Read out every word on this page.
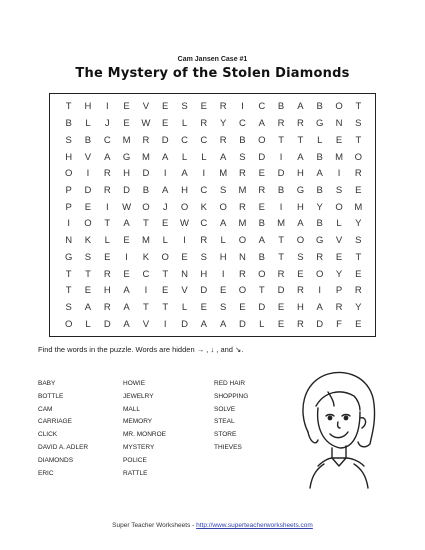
Cam Jansen Case #1
The Mystery of the Stolen Diamonds
T	H	I	E	V	E	S	E	R	I	C	B	A	B	O	T
B	L	J	E	W	E	L	R	Y	C	A	R	R	G	N	S
S	B	C	M	R	D	C	C	R	B	O	T	T	L	E	T
H	V	A	G	M	A	L	L	A	S	D	I	A	B	M	O
O	I	R	H	D	I	A	I	M	R	E	D	H	A	I	R
P	D	R	D	B	A	H	C	S	M	R	B	G	B	S	E
P	E	I	W	O	J	O	K	O	R	E	I	H	Y	O	M
I	O	T	A	T	E	W	C	A	M	B	M	A	B	L	Y
N	K	L	E	M	L	I	R	L	O	A	T	O	G	V	S
G	S	E	I	K	O	E	S	H	N	B	T	S	R	E	T
T	T	R	E	C	T	N	H	I	R	O	R	E	O	Y	E
T	E	H	A	I	E	V	D	E	O	T	D	R	I	P	R
S	A	R	A	T	T	L	E	S	E	D	E	H	A	R	Y
O	L	D	A	V	I	D	A	A	D	L	E	R	D	F	E
Find the words in the puzzle. Words are hidden → , ↓ , and ↘.
BABY
BOTTLE
CAM
CARRIAGE
CLICK
DAVID A. ADLER
DIAMONDS
ERIC
HOWIE
JEWELRY
MALL
MEMORY
MR. MONROE
MYSTERY
POLICE
RATTLE
RED HAIR
SHOPPING
SOLVE
STEAL
STORE
THIEVES
Super Teacher Worksheets - http://www.superteacherworksheets.com
